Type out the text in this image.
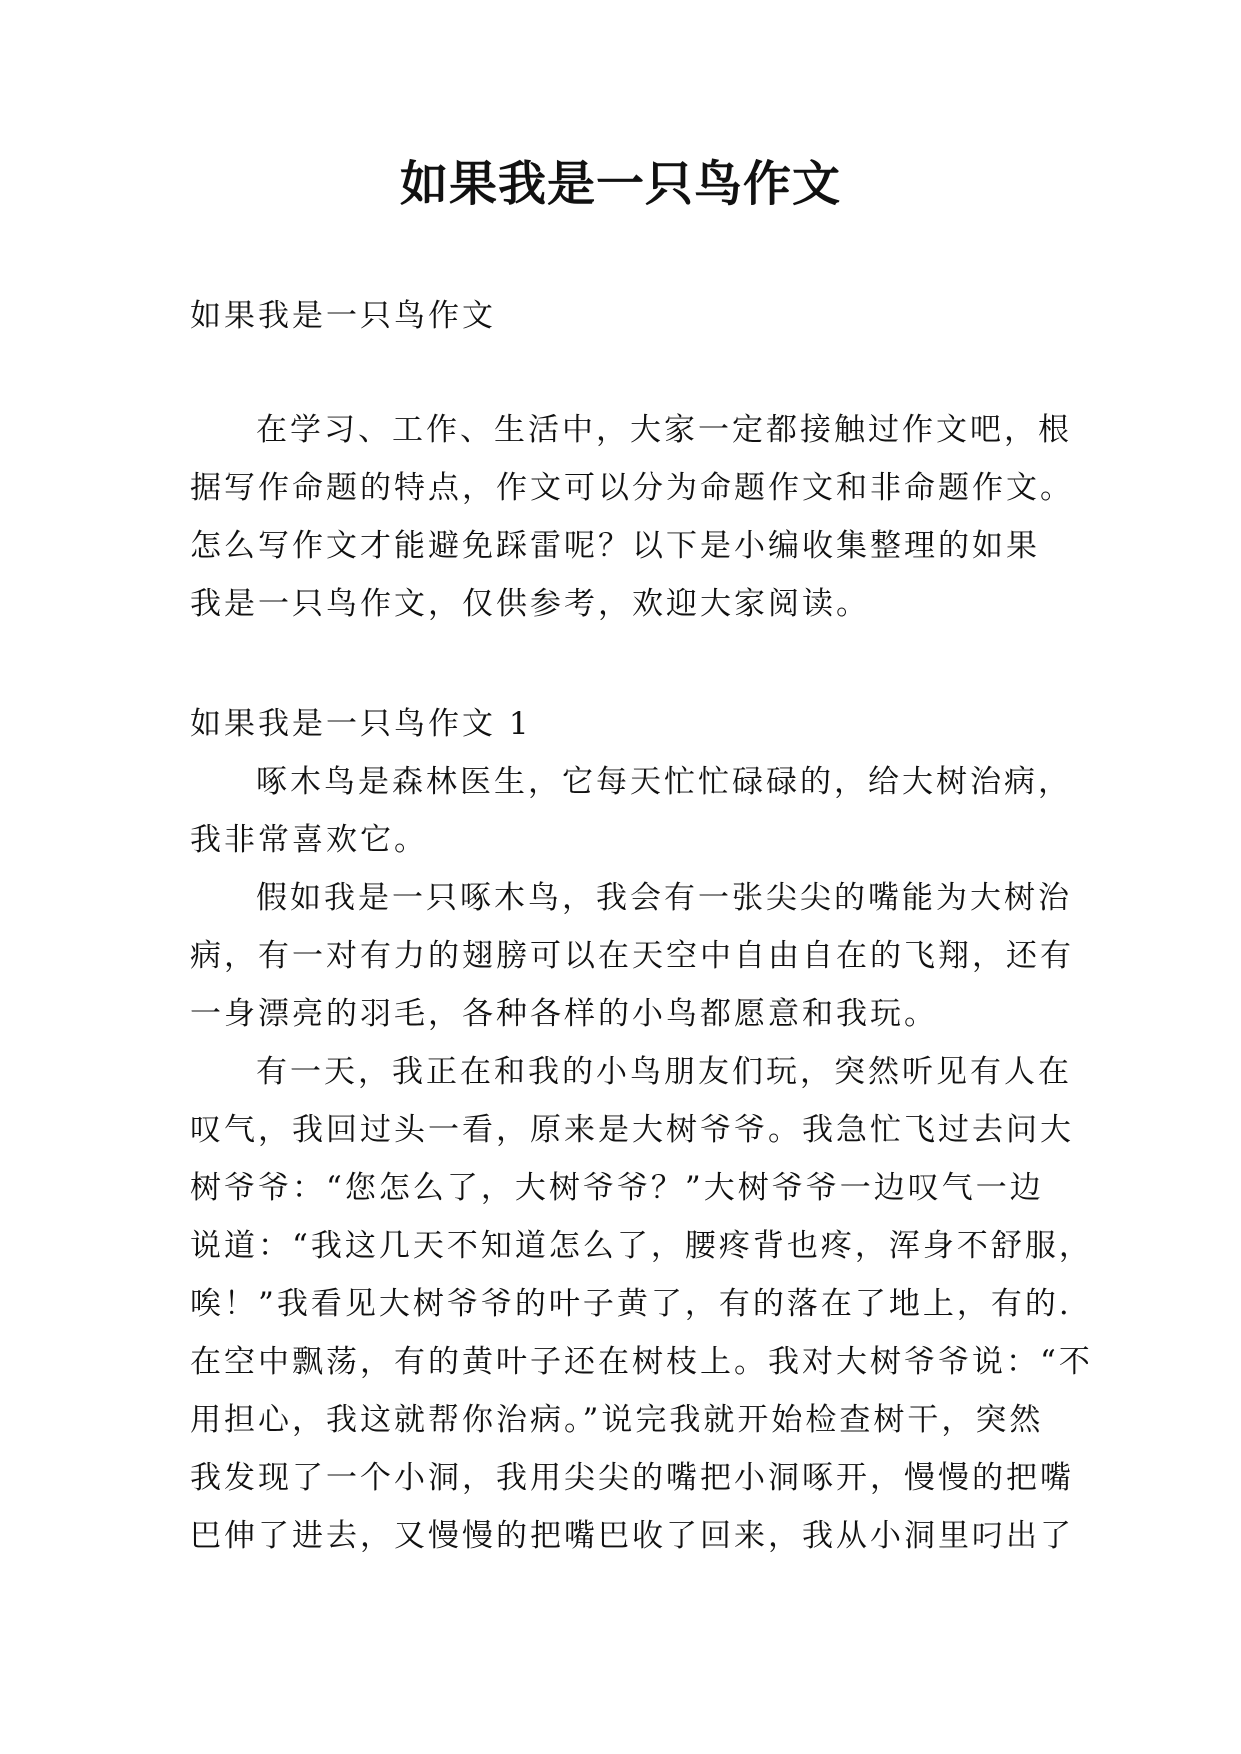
如果我是一只鸟作文
如果我是一只鸟作文
在学习、工作、生活中，大家一定都接触过作文吧，根
据写作命题的特点，作文可以分为命题作文和非命题作文。
怎么写作文才能避免踩雷呢？以下是小编收集整理的如果
我是一只鸟作文，仅供参考，欢迎大家阅读。
如果我是一只鸟作文 1
啄木鸟是森林医生，它每天忙忙碌碌的，给大树治病，
我非常喜欢它。
假如我是一只啄木鸟，我会有一张尖尖的嘴能为大树治
病，有一对有力的翅膀可以在天空中自由自在的飞翔，还有
一身漂亮的羽毛，各种各样的小鸟都愿意和我玩。
有一天，我正在和我的小鸟朋友们玩，突然听见有人在
叹气，我回过头一看，原来是大树爷爷。我急忙飞过去问大
树爷爷：“您怎么了，大树爷爷？”大树爷爷一边叹气一边
说道：“我这几天不知道怎么了，腰疼背也疼，浑身不舒服，
唉！”我看见大树爷爷的叶子黄了，有的落在了地上，有的.
在空中飘荡，有的黄叶子还在树枝上。我对大树爷爷说：“不
用担心，我这就帮你治病。”说完我就开始检查树干，突然
我发现了一个小洞，我用尖尖的嘴把小洞啄开，慢慢的把嘴
巴伸了进去，又慢慢的把嘴巴收了回来，我从小洞里叼出了
